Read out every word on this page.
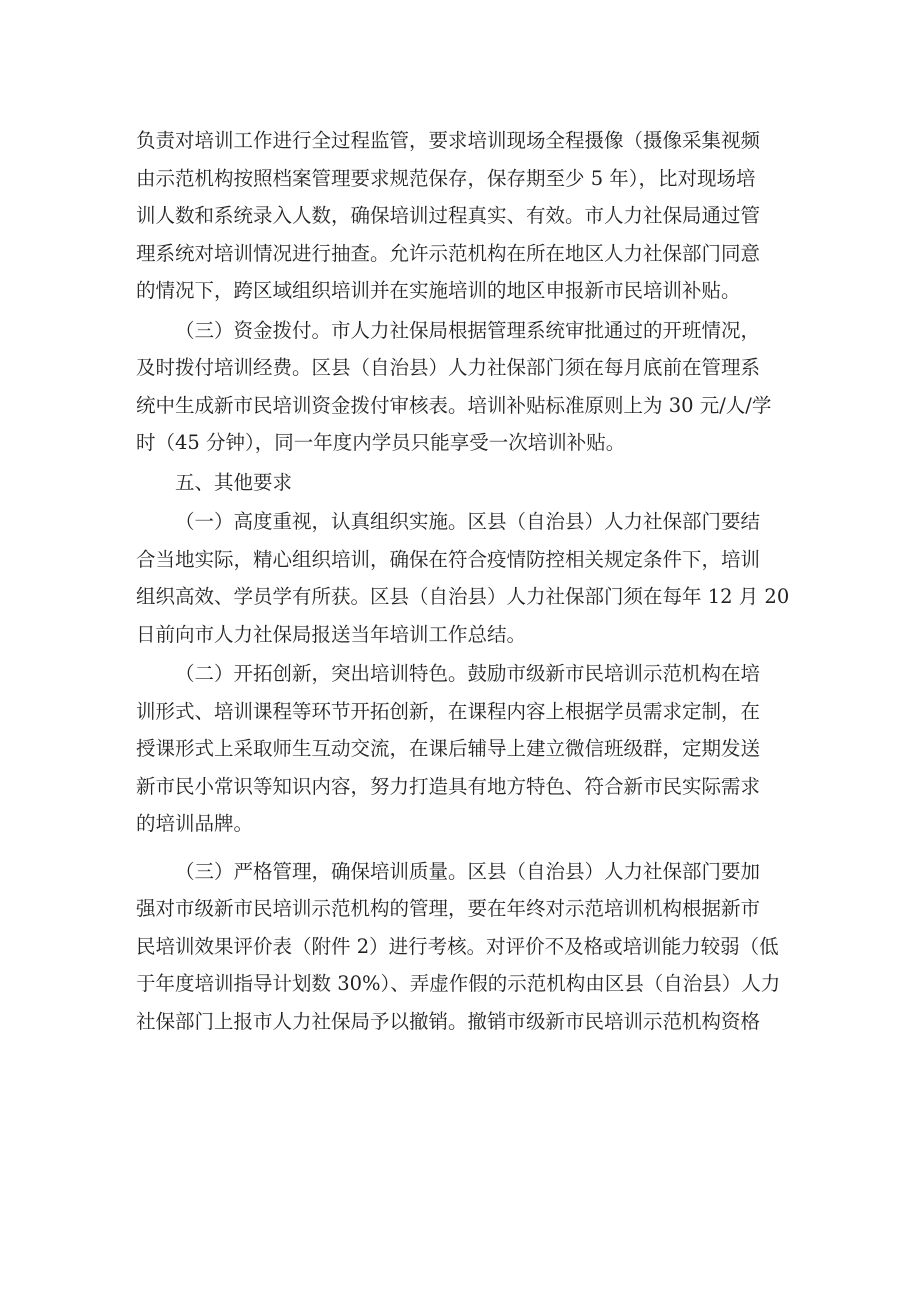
负责对培训工作进行全过程监管，要求培训现场全程摄像（摄像采集视频
由示范机构按照档案管理要求规范保存，保存期至少 5 年），比对现场培
训人数和系统录入人数，确保培训过程真实、有效。市人力社保局通过管
理系统对培训情况进行抽查。允许示范机构在所在地区人力社保部门同意
的情况下，跨区域组织培训并在实施培训的地区申报新市民培训补贴。

（三）资金拨付。市人力社保局根据管理系统审批通过的开班情况，
及时拨付培训经费。区县（自治县）人力社保部门须在每月底前在管理系
统中生成新市民培训资金拨付审核表。培训补贴标准原则上为 30 元/人/学
时（45 分钟），同一年度内学员只能享受一次培训补贴。

五、其他要求

（一）高度重视，认真组织实施。区县（自治县）人力社保部门要结
合当地实际，精心组织培训，确保在符合疫情防控相关规定条件下，培训
组织高效、学员学有所获。区县（自治县）人力社保部门须在每年 12 月 20
日前向市人力社保局报送当年培训工作总结。

（二）开拓创新，突出培训特色。鼓励市级新市民培训示范机构在培
训形式、培训课程等环节开拓创新，在课程内容上根据学员需求定制，在
授课形式上采取师生互动交流，在课后辅导上建立微信班级群，定期发送
新市民小常识等知识内容，努力打造具有地方特色、符合新市民实际需求
的培训品牌。

（三）严格管理，确保培训质量。区县（自治县）人力社保部门要加
强对市级新市民培训示范机构的管理，要在年终对示范培训机构根据新市
民培训效果评价表（附件 2）进行考核。对评价不及格或培训能力较弱（低
于年度培训指导计划数 30%）、弄虚作假的示范机构由区县（自治县）人力
社保部门上报市人力社保局予以撤销。撤销市级新市民培训示范机构资格
